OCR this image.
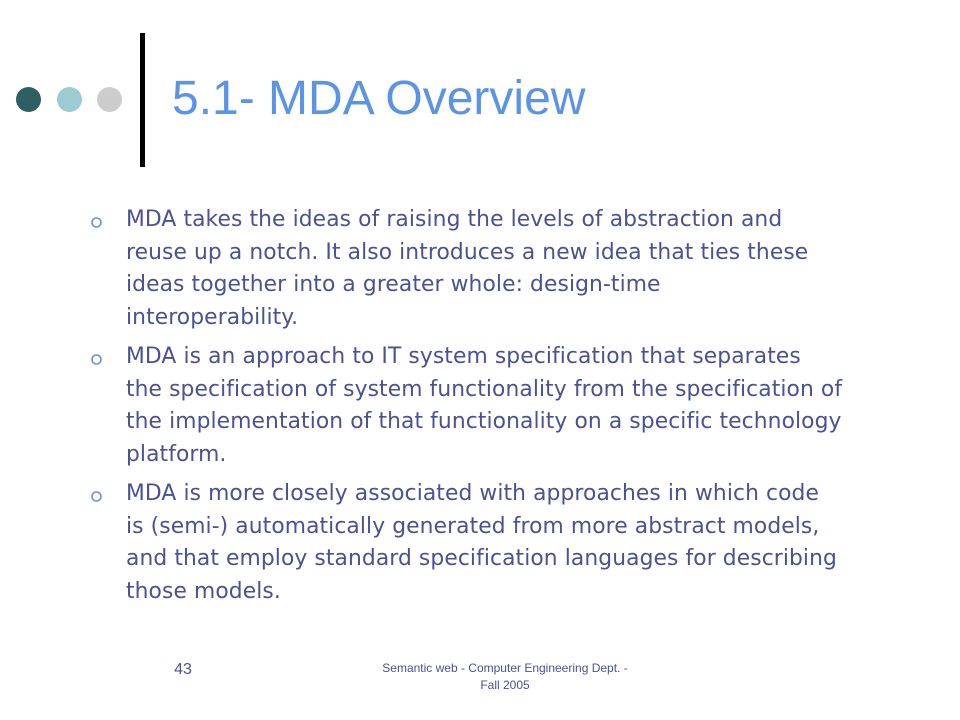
5.1- MDA Overview
MDA takes the ideas of raising the levels of abstraction and
reuse up a notch. It also introduces a new idea that ties these
ideas together into a greater whole: design-time
interoperability.
MDA is an approach to IT system specification that separates
the specification of system functionality from the specification of
the implementation of that functionality on a specific technology
platform.
MDA is more closely associated with approaches in which code
is (semi-) automatically generated from more abstract models,
and that employ standard specification languages for describing
those models.
43	Semantic web - Computer Engineering Dept. -
Fall 2005
